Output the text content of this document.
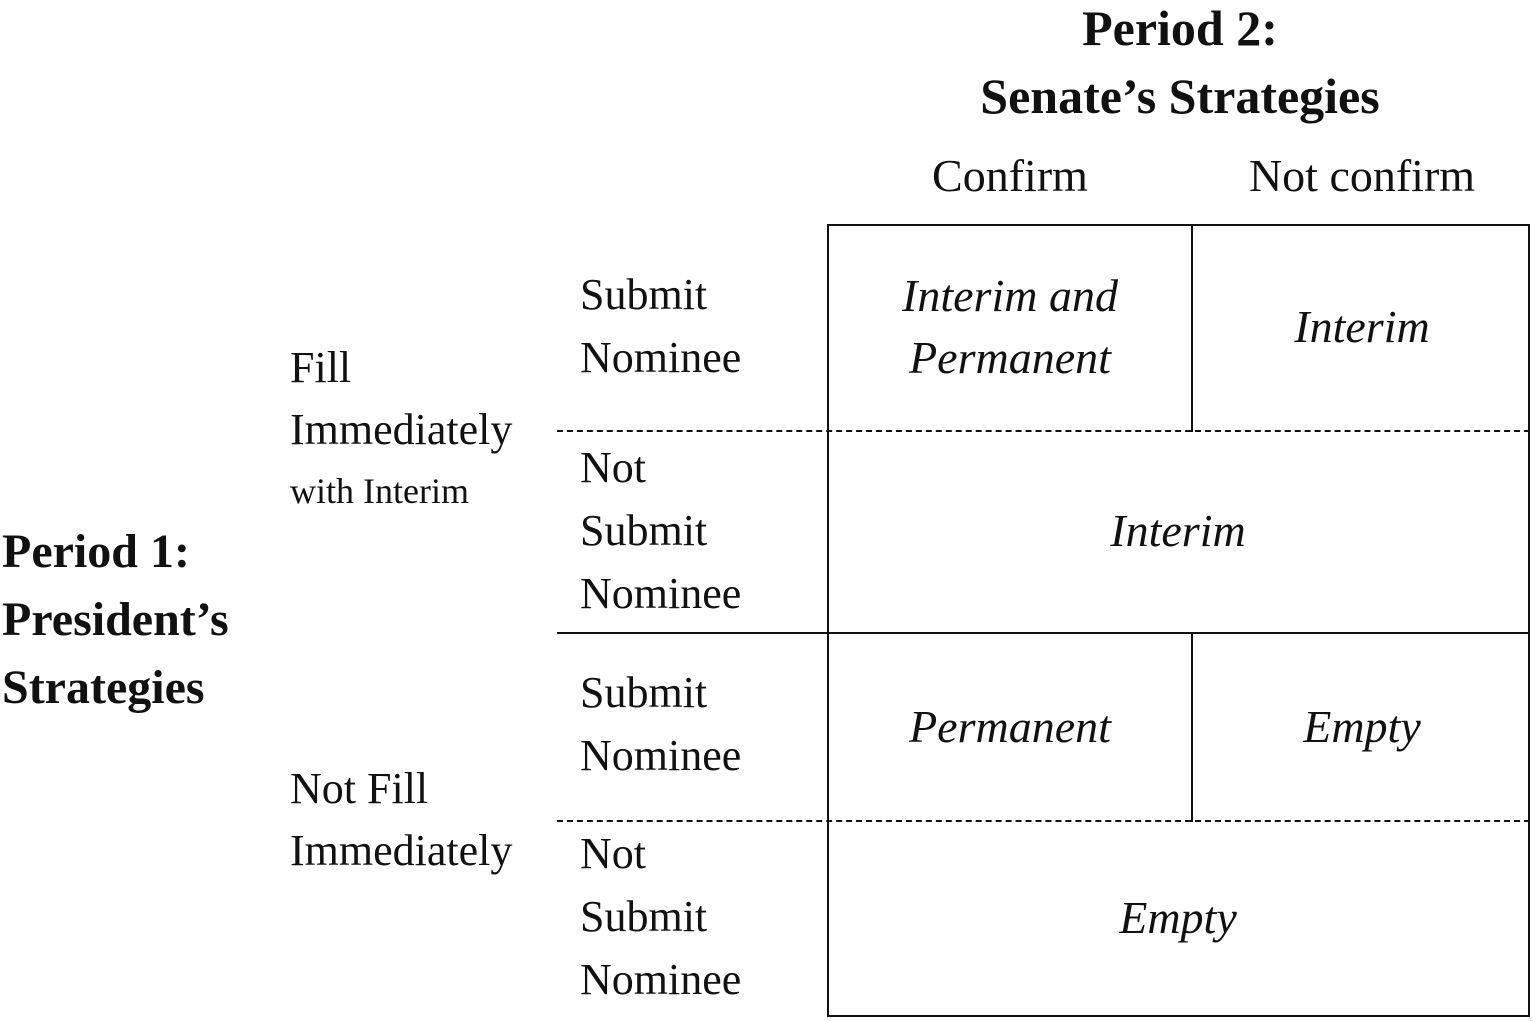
Period 2:
Senate’s Strategies
Confirm	Not confirm
Period 1:
President’s
Strategies
Fill
Immediately
with Interim
Not Fill
Immediately
Submit
Nominee
Not
Submit
Nominee
Submit
Nominee
Not
Submit
Nominee
Interim and
Permanent
Interim
Interim
Permanent	Empty
Empty
